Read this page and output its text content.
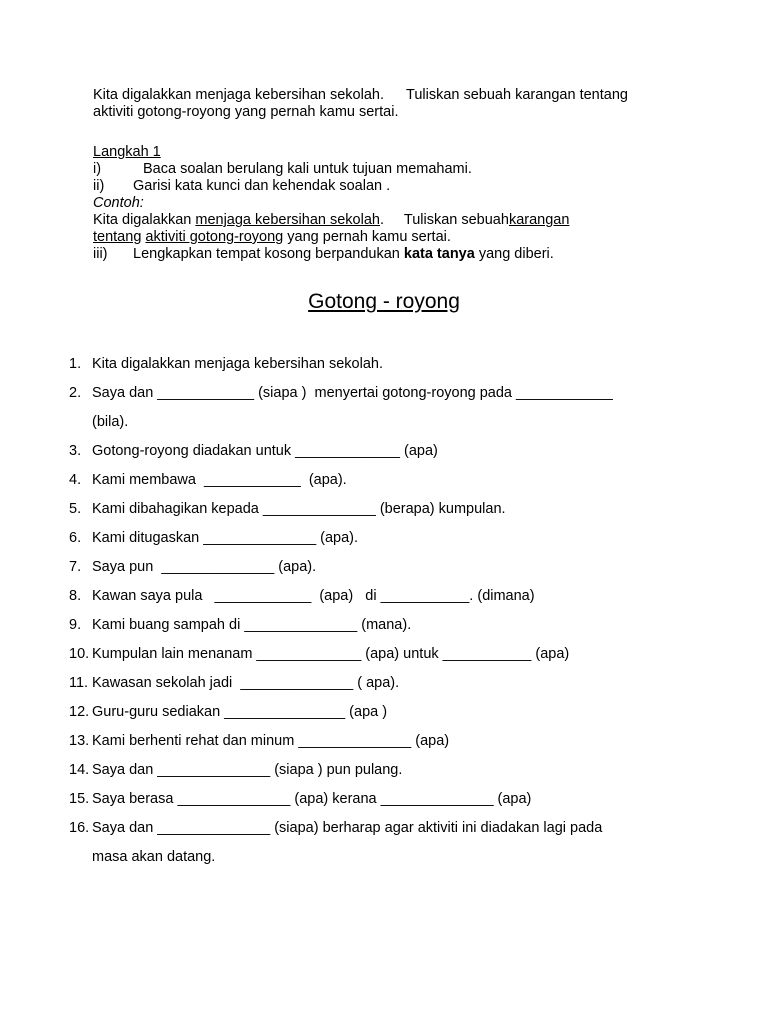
Kita digalakkan menjaga kebersihan sekolah. Tuliskan sebuah karangan tentang
aktiviti gotong-royong yang pernah kamu sertai.
Langkah 1
i)	Baca soalan berulang kali untuk tujuan memahami.
ii)	Garisi kata kunci dan kehendak soalan .
Contoh:
Kita digalakkan menjaga kebersihan sekolah.     Tuliskan sebuahkarangan
tentang aktiviti gotong-royong yang pernah kamu sertai.
iii)	Lengkapkan tempat kosong berpandukan kata tanya yang diberi.
Gotong - royong
1. Kita digalakkan menjaga kebersihan sekolah.
2. Saya dan ____________ (siapa )  menyertai gotong-royong pada ____________
(bila).
3. Gotong-royong diadakan untuk _____________ (apa)
4. Kami membawa  ____________  (apa).
5. Kami dibahagikan kepada ______________ (berapa) kumpulan.
6. Kami ditugaskan ______________ (apa).
7. Saya pun  ______________ (apa).
8. Kawan saya pula   ____________  (apa)   di ___________. (dimana)
9. Kami buang sampah di ______________ (mana).
10. Kumpulan lain menanam _____________ (apa) untuk ___________ (apa)
11. Kawasan sekolah jadi  ______________ ( apa).
12. Guru-guru sediakan _______________ (apa )
13. Kami berhenti rehat dan minum ______________ (apa)
14. Saya dan ______________ (siapa ) pun pulang.
15. Saya berasa ______________ (apa) kerana ______________ (apa)
16. Saya dan ______________ (siapa) berharap agar aktiviti ini diadakan lagi pada
masa akan datang.
